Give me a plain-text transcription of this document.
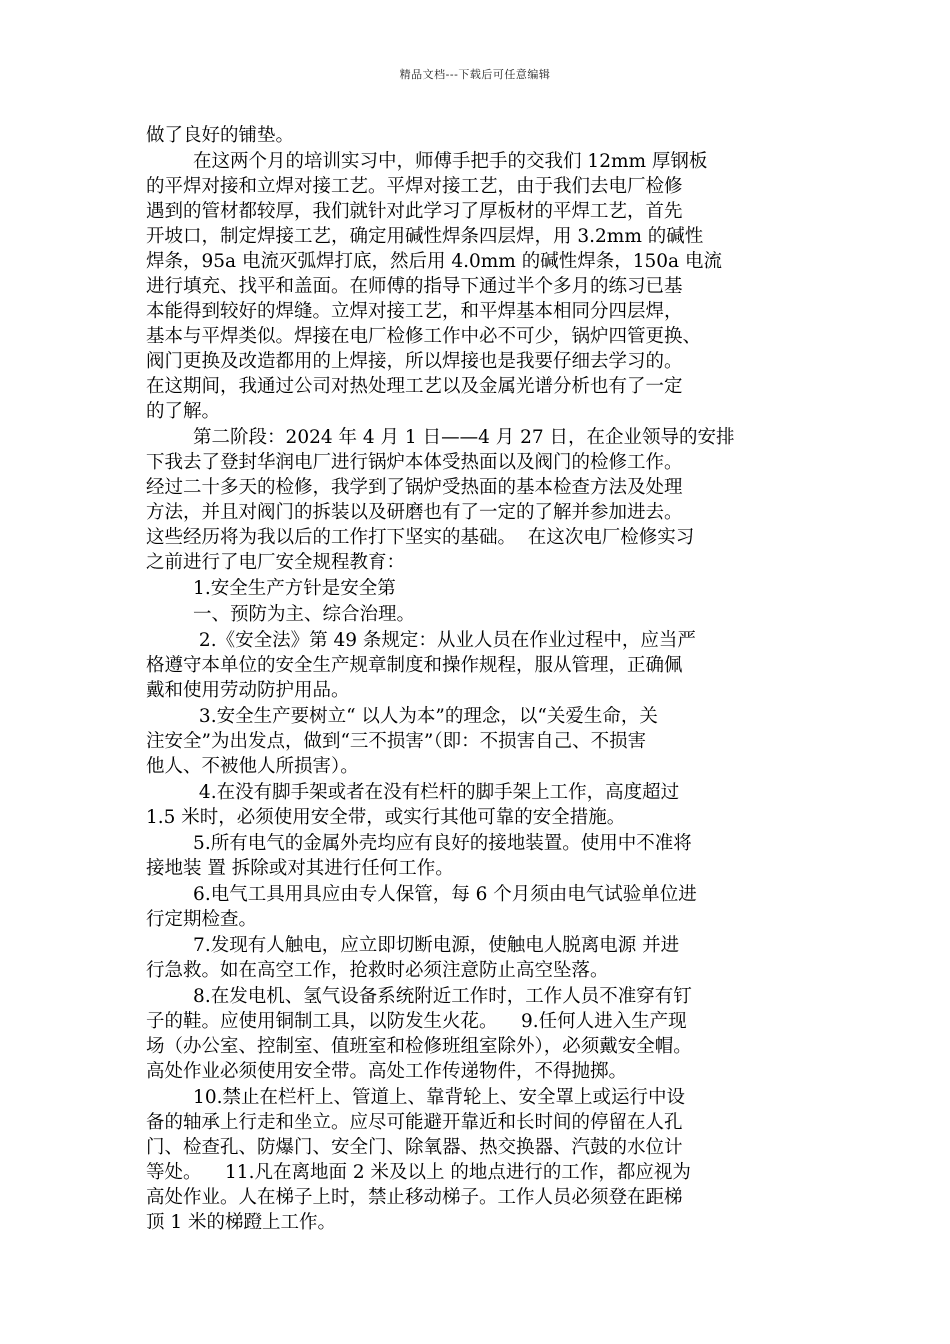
精品文档---下载后可任意编辑
做了良好的铺垫。
在这两个月的培训实习中，师傅手把手的交我们 12mm 厚钢板
的平焊对接和立焊对接工艺。平焊对接工艺，由于我们去电厂检修
遇到的管材都较厚，我们就针对此学习了厚板材的平焊工艺，首先
开坡口，制定焊接工艺，确定用碱性焊条四层焊，用 3.2mm 的碱性
焊条，95a 电流灭弧焊打底，然后用 4.0mm 的碱性焊条，150a 电流
进行填充、找平和盖面。在师傅的指导下通过半个多月的练习已基
本能得到较好的焊缝。立焊对接工艺，和平焊基本相同分四层焊，
基本与平焊类似。焊接在电厂检修工作中必不可少，锅炉四管更换、
阀门更换及改造都用的上焊接，所以焊接也是我要仔细去学习的。
在这期间，我通过公司对热处理工艺以及金属光谱分析也有了一定
的了解。
第二阶段：2024 年 4 月 1 日——4 月 27 日，在企业领导的安排
下我去了登封华润电厂进行锅炉本体受热面以及阀门的检修工作。
经过二十多天的检修，我学到了锅炉受热面的基本检查方法及处理
方法，并且对阀门的拆装以及研磨也有了一定的了解并参加进去。
这些经历将为我以后的工作打下坚实的基础。  在这次电厂检修实习
之前进行了电厂安全规程教育：
1.安全生产方针是安全第
一、预防为主、综合治理。
2.《安全法》第 49 条规定：从业人员在作业过程中，应当严
格遵守本单位的安全生产规章制度和操作规程，服从管理，正确佩
戴和使用劳动防护用品。
3.安全生产要树立“ 以人为本”的理念，以“关爱生命，关
注安全”为出发点，做到“三不损害”（即：不损害自己、不损害
他人、不被他人所损害）。
4.在没有脚手架或者在没有栏杆的脚手架上工作，高度超过
1.5 米时，必须使用安全带，或实行其他可靠的安全措施。
5.所有电气的金属外壳均应有良好的接地装置。使用中不准将
接地装 置 拆除或对其进行任何工作。
6.电气工具用具应由专人保管，每 6 个月须由电气试验单位进
行定期检查。
7.发现有人触电，应立即切断电源，使触电人脱离电源 并进
行急救。如在高空工作，抢救时必须注意防止高空坠落。
8.在发电机、氢气设备系统附近工作时，工作人员不准穿有钉
子的鞋。应使用铜制工具，以防发生火花。    9.任何人进入生产现
场（办公室、控制室、值班室和检修班组室除外），必须戴安全帽。
高处作业必须使用安全带。高处工作传递物件，不得抛掷。
10.禁止在栏杆上、管道上、靠背轮上、安全罩上或运行中设
备的轴承上行走和坐立。应尽可能避开靠近和长时间的停留在人孔
门、检查孔、防爆门、安全门、除氧器、热交换器、汽鼓的水位计
等处。    11.凡在离地面 2 米及以上 的地点进行的工作，都应视为
高处作业。人在梯子上时，禁止移动梯子。工作人员必须登在距梯
顶 1 米的梯蹬上工作。
